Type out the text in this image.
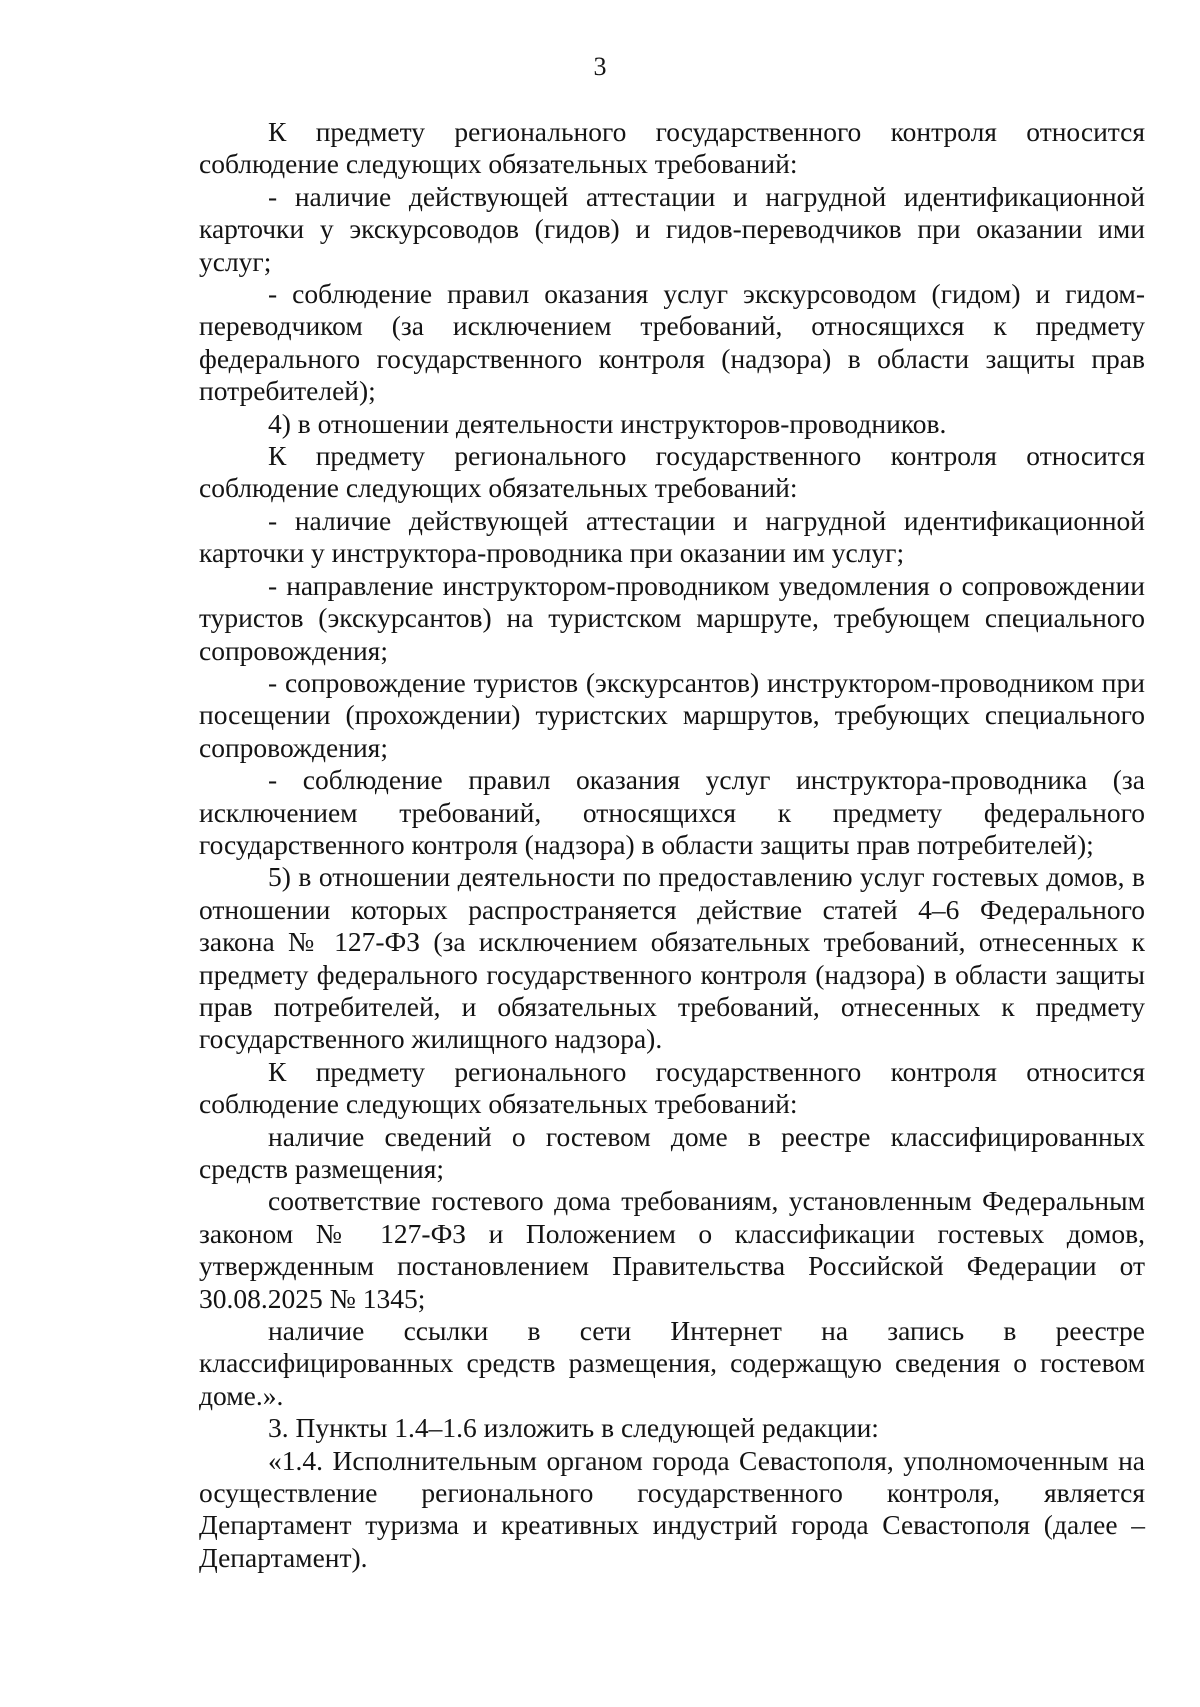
3

К предмету регионального государственного контроля относится соблюдение следующих обязательных требований:

- наличие действующей аттестации и нагрудной идентификационной карточки у экскурсоводов (гидов) и гидов-переводчиков при оказании ими услуг;

- соблюдение правил оказания услуг экскурсоводом (гидом) и гидом-переводчиком (за исключением требований, относящихся к предмету федерального государственного контроля (надзора) в области защиты прав потребителей);

4) в отношении деятельности инструкторов-проводников.

К предмету регионального государственного контроля относится соблюдение следующих обязательных требований:

- наличие действующей аттестации и нагрудной идентификационной карточки у инструктора-проводника при оказании им услуг;

- направление инструктором-проводником уведомления о сопровождении туристов (экскурсантов) на туристском маршруте, требующем специального сопровождения;

- сопровождение туристов (экскурсантов) инструктором-проводником при посещении (прохождении) туристских маршрутов, требующих специального сопровождения;

- соблюдение правил оказания услуг инструктора-проводника (за исключением требований, относящихся к предмету федерального государственного контроля (надзора) в области защиты прав потребителей);

5) в отношении деятельности по предоставлению услуг гостевых домов, в отношении которых распространяется действие статей 4–6 Федерального закона № 127-ФЗ (за исключением обязательных требований, отнесенных к предмету федерального государственного контроля (надзора) в области защиты прав потребителей, и обязательных требований, отнесенных к предмету государственного жилищного надзора).

К предмету регионального государственного контроля относится соблюдение следующих обязательных требований:

наличие сведений о гостевом доме в реестре классифицированных средств размещения;

соответствие гостевого дома требованиям, установленным Федеральным законом № 127-ФЗ и Положением о классификации гостевых домов, утвержденным постановлением Правительства Российской Федерации от 30.08.2025 № 1345;

наличие ссылки в сети Интернет на запись в реестре классифицированных средств размещения, содержащую сведения о гостевом доме.».

3. Пункты 1.4–1.6 изложить в следующей редакции:

«1.4. Исполнительным органом города Севастополя, уполномоченным на осуществление регионального государственного контроля, является Департамент туризма и креативных индустрий города Севастополя (далее – Департамент).
